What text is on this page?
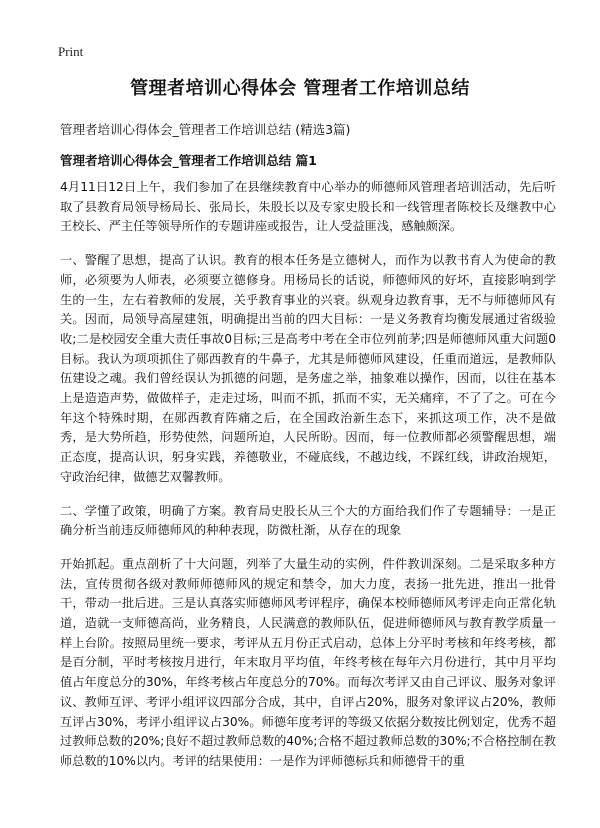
Print
管理者培训心得体会 管理者工作培训总结
管理者培训心得体会_管理者工作培训总结 (精选3篇)
管理者培训心得体会_管理者工作培训总结 篇1

4月11日12日上午，我们参加了在县继续教育中心举办的师德师风管理者培训活动，先后听取了县教育局领导杨局长、张局长，朱股长以及专家史股长和一线管理者陈校长及继教中心王校长、严主任等领导所作的专题讲座或报告，让人受益匪浅，感触颇深。

一、警醒了思想，提高了认识。教育的根本任务是立德树人，而作为以教书育人为使命的教师，必须要为人师表，必须要立德修身。用杨局长的话说，师德师风的好坏，直接影响到学生的一生，左右着教师的发展，关乎教育事业的兴衰。纵观身边教育事，无不与师德师风有关。因而，局领导高屋建瓴，明确提出当前的四大目标：一是义务教育均衡发展通过省级验收;二是校园安全重大责任事故0目标;三是高考中考在全市位列前茅;四是师德师风重大问题0目标。我认为项项抓住了郧西教育的牛鼻子，尤其是师德师风建设，任重而道远，是教师队伍建设之魂。我们曾经误认为抓德的问题，是务虚之举，抽象难以操作，因而，以往在基本上是造造声势，做做样子，走走过场，叫而不抓，抓而不实，无关痛痒，不了了之。可在今年这个特殊时期，在郧西教育阵痛之后，在全国政治新生态下，来抓这项工作，决不是做秀，是大势所趋，形势使然，问题所迫，人民所盼。因而，每一位教师都必须警醒思想，端正态度，提高认识，躬身实践，养德敬业，不碰底线，不越边线，不踩红线，讲政治规矩，守政治纪律，做德艺双馨教师。

二、学懂了政策，明确了方案。教育局史股长从三个大的方面给我们作了专题辅导：一是正确分析当前违反师德师风的种种表现，防微杜渐，从存在的现象

开始抓起。重点剖析了十大问题，列举了大量生动的实例，件件教训深刻。二是采取多种方法，宣传贯彻各级对教师师德师风的规定和禁令，加大力度，表扬一批先进，推出一批骨干，带动一批后进。三是认真落实师德师风考评程序，确保本校师德师风考评走向正常化轨道，造就一支师德高尚，业务精良，人民满意的教师队伍，促进师德师风与教育教学质量一样上台阶。按照局里统一要求，考评从五月份正式启动，总体上分平时考核和年终考核，都是百分制，平时考核按月进行，年末取月平均值，年终考核在每年六月份进行，其中月平均值占年度总分的30%，年终考核占年度总分的70%。而每次考评又由自己评议、服务对象评议、教师互评、考评小组评议四部分合成，其中，自评占20%，服务对象评议占20%，教师互评占30%，考评小组评议占30%。师德年度考评的等级又依据分数按比例划定，优秀不超过教师总数的20%;良好不超过教师总数的40%;合格不超过教师总数的30%;不合格控制在教师总数的10%以内。考评的结果使用：一是作为评师德标兵和师德骨干的重
